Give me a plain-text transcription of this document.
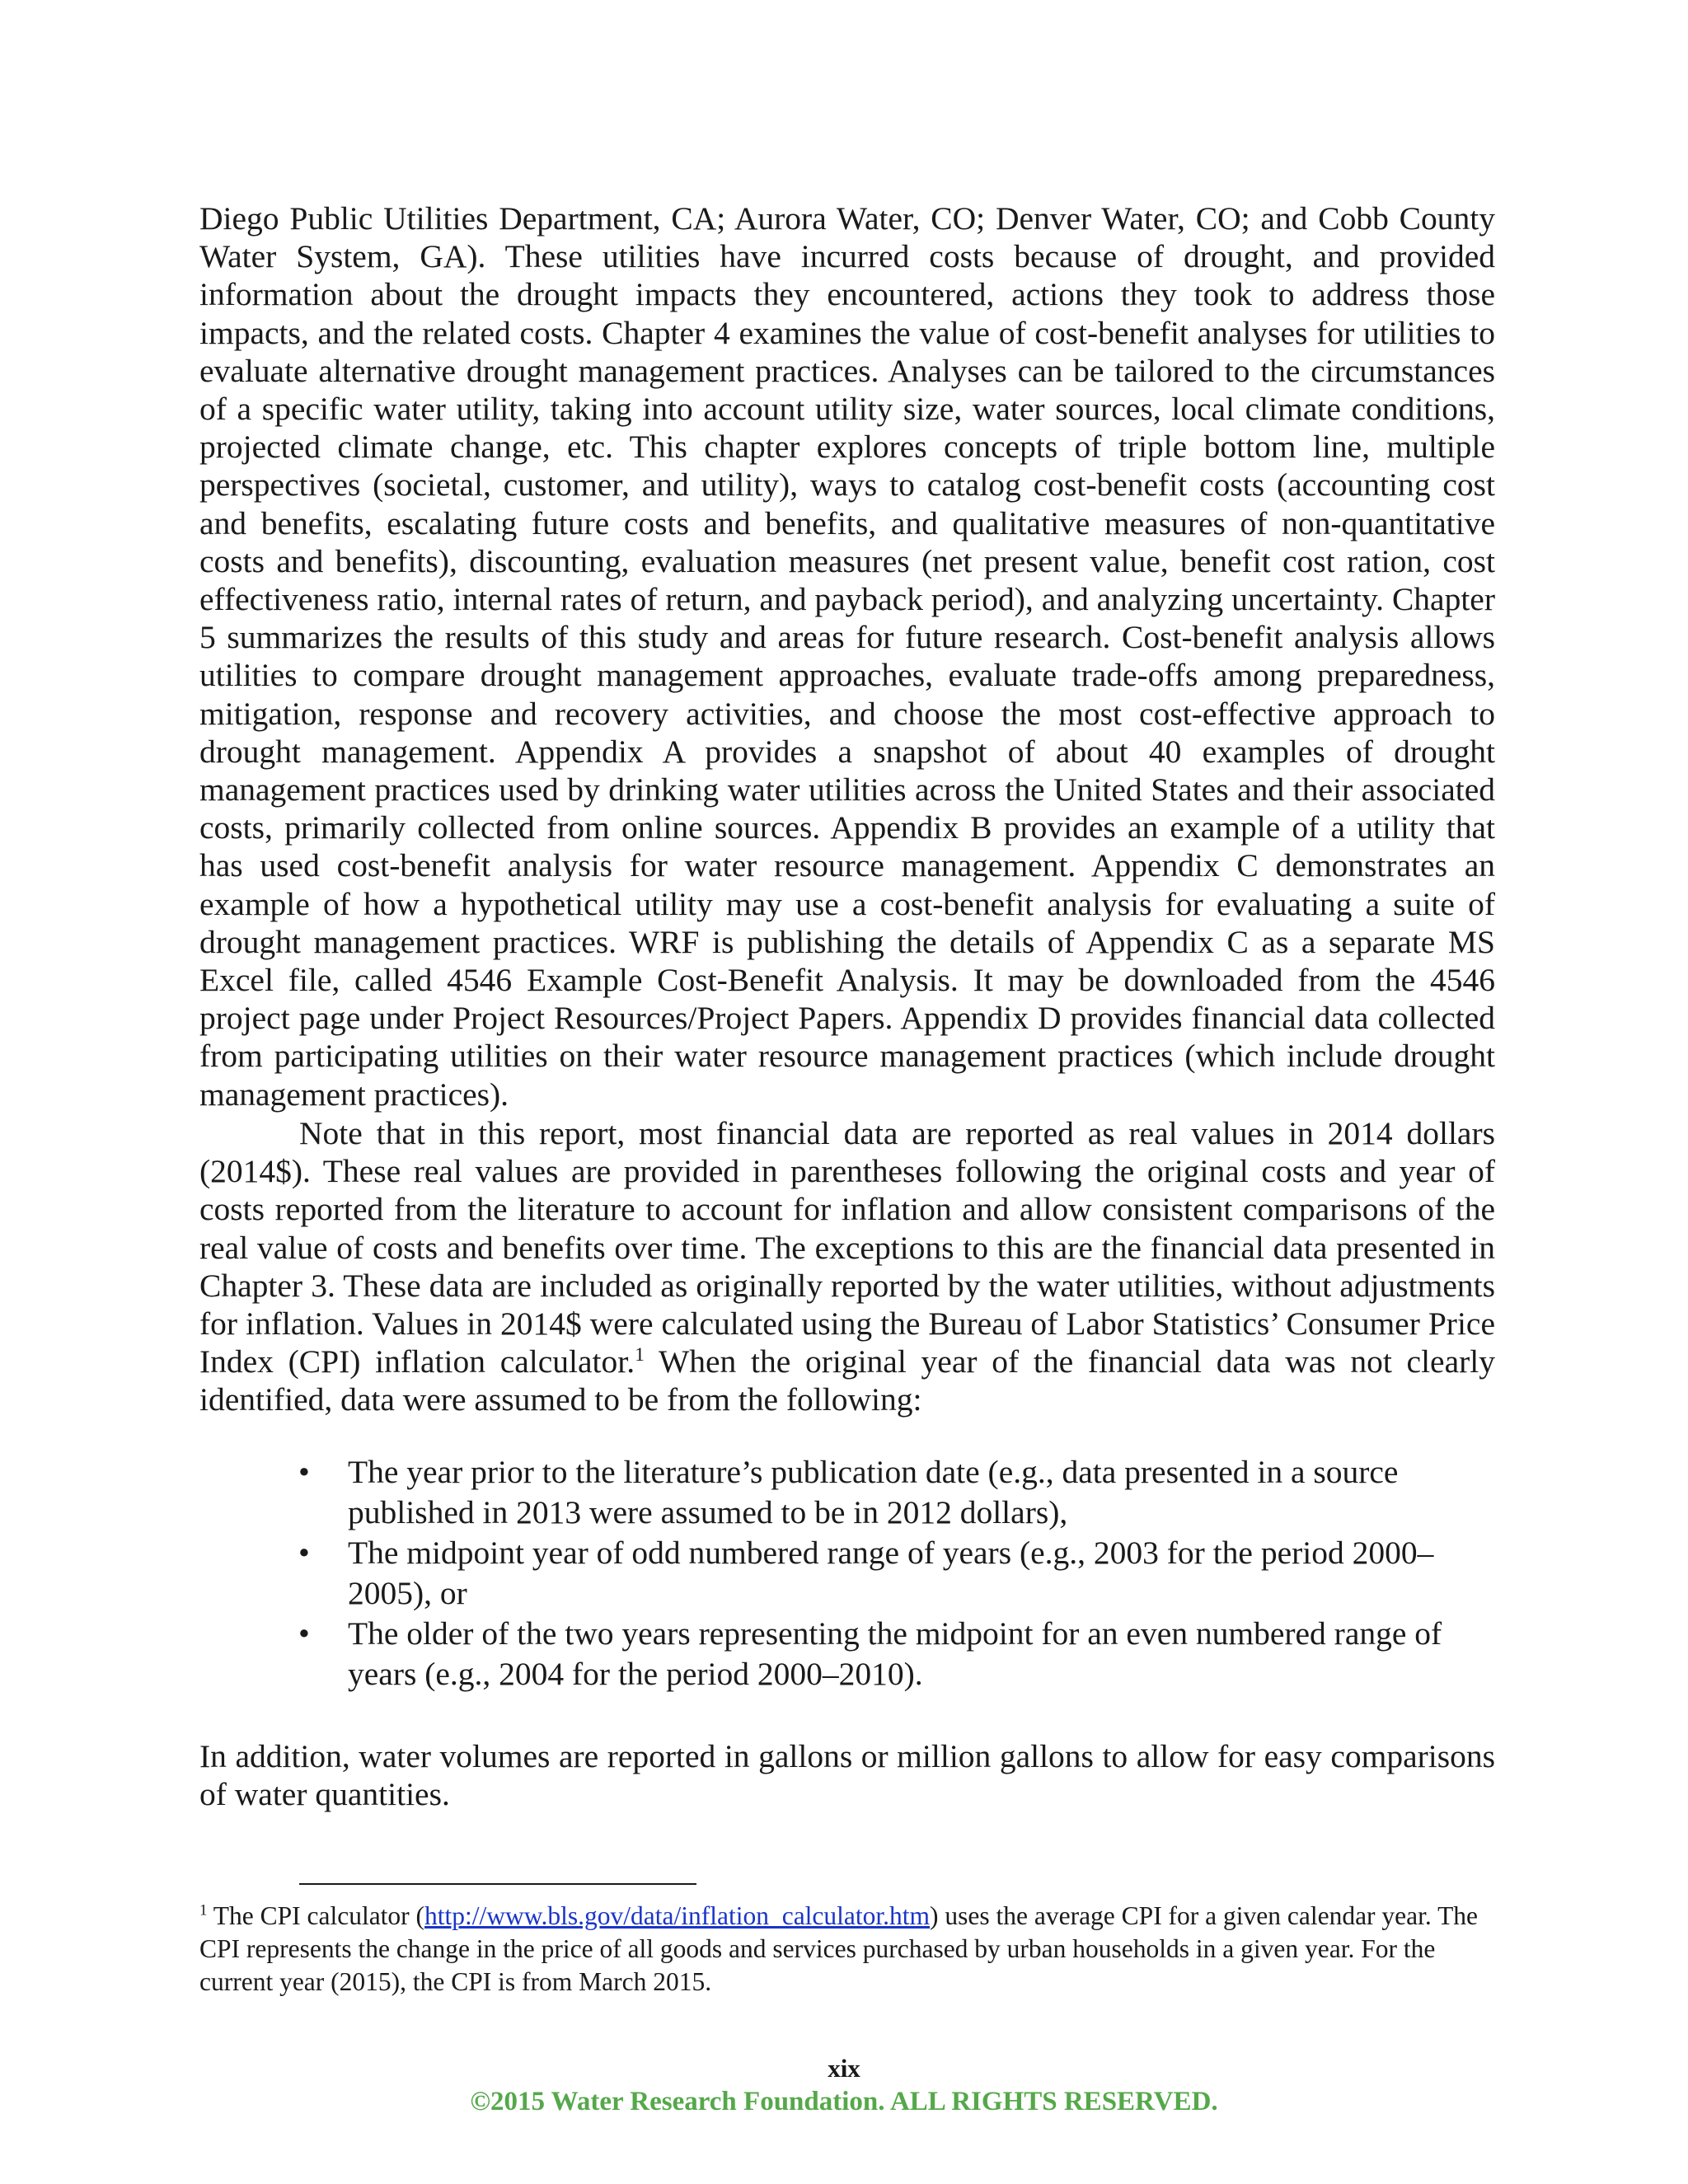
Diego Public Utilities Department, CA; Aurora Water, CO; Denver Water, CO; and Cobb County Water System, GA). These utilities have incurred costs because of drought, and provided information about the drought impacts they encountered, actions they took to address those impacts, and the related costs. Chapter 4 examines the value of cost-benefit analyses for utilities to evaluate alternative drought management practices. Analyses can be tailored to the circumstances of a specific water utility, taking into account utility size, water sources, local climate conditions, projected climate change, etc. This chapter explores concepts of triple bottom line, multiple perspectives (societal, customer, and utility), ways to catalog cost-benefit costs (accounting cost and benefits, escalating future costs and benefits, and qualitative measures of non-quantitative costs and benefits), discounting, evaluation measures (net present value, benefit cost ration, cost effectiveness ratio, internal rates of return, and payback period), and analyzing uncertainty. Chapter 5 summarizes the results of this study and areas for future research. Cost-benefit analysis allows utilities to compare drought management approaches, evaluate trade-offs among preparedness, mitigation, response and recovery activities, and choose the most cost-effective approach to drought management. Appendix A provides a snapshot of about 40 examples of drought management practices used by drinking water utilities across the United States and their associated costs, primarily collected from online sources. Appendix B provides an example of a utility that has used cost-benefit analysis for water resource management. Appendix C demonstrates an example of how a hypothetical utility may use a cost-benefit analysis for evaluating a suite of drought management practices. WRF is publishing the details of Appendix C as a separate MS Excel file, called 4546 Example Cost-Benefit Analysis. It may be downloaded from the 4546 project page under Project Resources/Project Papers. Appendix D provides financial data collected from participating utilities on their water resource management practices (which include drought management practices).

Note that in this report, most financial data are reported as real values in 2014 dollars (2014$). These real values are provided in parentheses following the original costs and year of costs reported from the literature to account for inflation and allow consistent comparisons of the real value of costs and benefits over time. The exceptions to this are the financial data presented in Chapter 3. These data are included as originally reported by the water utilities, without adjustments for inflation. Values in 2014$ were calculated using the Bureau of Labor Statistics’ Consumer Price Index (CPI) inflation calculator.$^1$ When the original year of the financial data was not clearly identified, data were assumed to be from the following:

• The year prior to the literature’s publication date (e.g., data presented in a source published in 2013 were assumed to be in 2012 dollars),
• The midpoint year of odd numbered range of years (e.g., 2003 for the period 2000–2005), or
• The older of the two years representing the midpoint for an even numbered range of years (e.g., 2004 for the period 2000–2010).

In addition, water volumes are reported in gallons or million gallons to allow for easy comparisons of water quantities.

$^1$ The CPI calculator (http://www.bls.gov/data/inflation_calculator.htm) uses the average CPI for a given calendar year. The CPI represents the change in the price of all goods and services purchased by urban households in a given year. For the current year (2015), the CPI is from March 2015.

xix
©2015 Water Research Foundation. ALL RIGHTS RESERVED.
